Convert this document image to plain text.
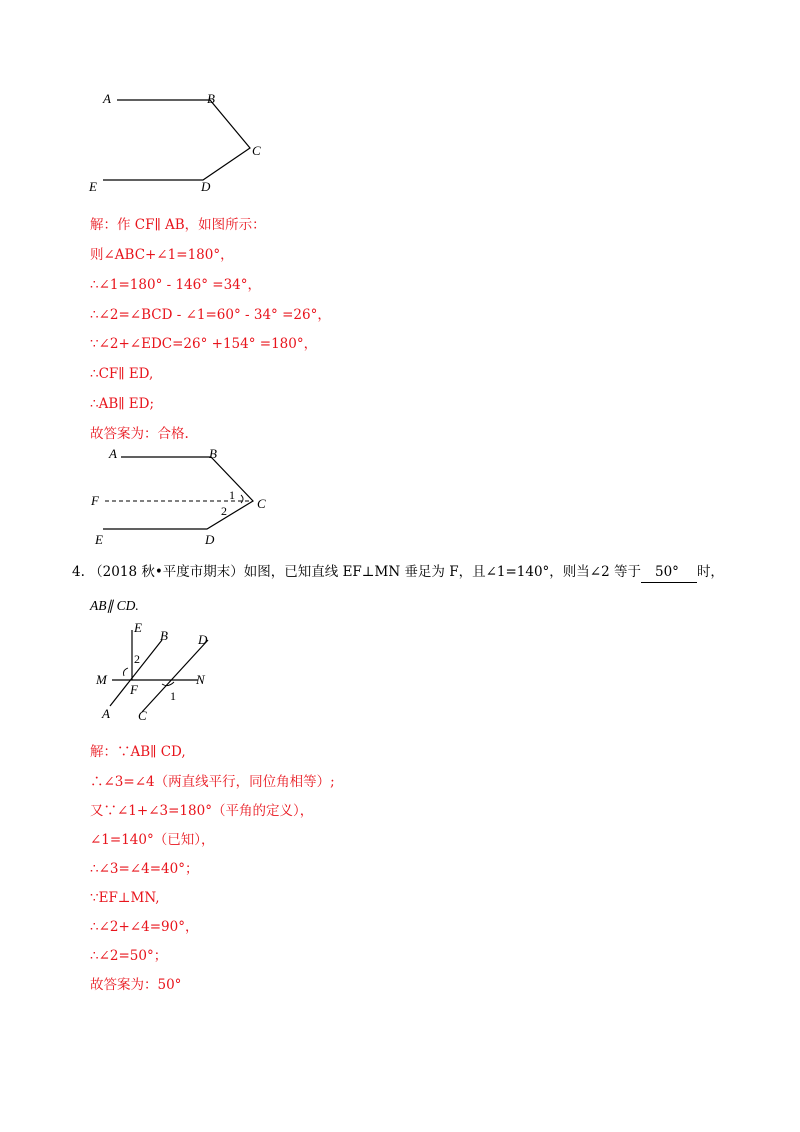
A	B
C
D
E
解：作 CF∥ AB，如图所示：
则∠ABC+∠1=180°，
∴∠1=180° - 146° =34°，
∴∠2=∠BCD - ∠1=60° - 34° =26°，
∵∠2+∠EDC=26° +154° =180°，
∴CF∥ ED,
∴AB∥ ED;
故答案为：合格.
A	B
F	C
1
2
D
E
4. （2018 秋•平度市期末）如图，已知直线 EF⊥MN 垂足为 F，且∠1=140°，则当∠2 等于 50° 时，
AB∥ CD.
E
B D
2
M	N
F	1
A C
解：∵AB∥ CD,
∴∠3=∠4（两直线平行，同位角相等）;
又∵∠1+∠3=180°（平角的定义），
∠1=140°（已知），
∴∠3=∠4=40°；
∵EF⊥MN,
∴∠2+∠4=90°，
∴∠2=50°；
故答案为：50°
